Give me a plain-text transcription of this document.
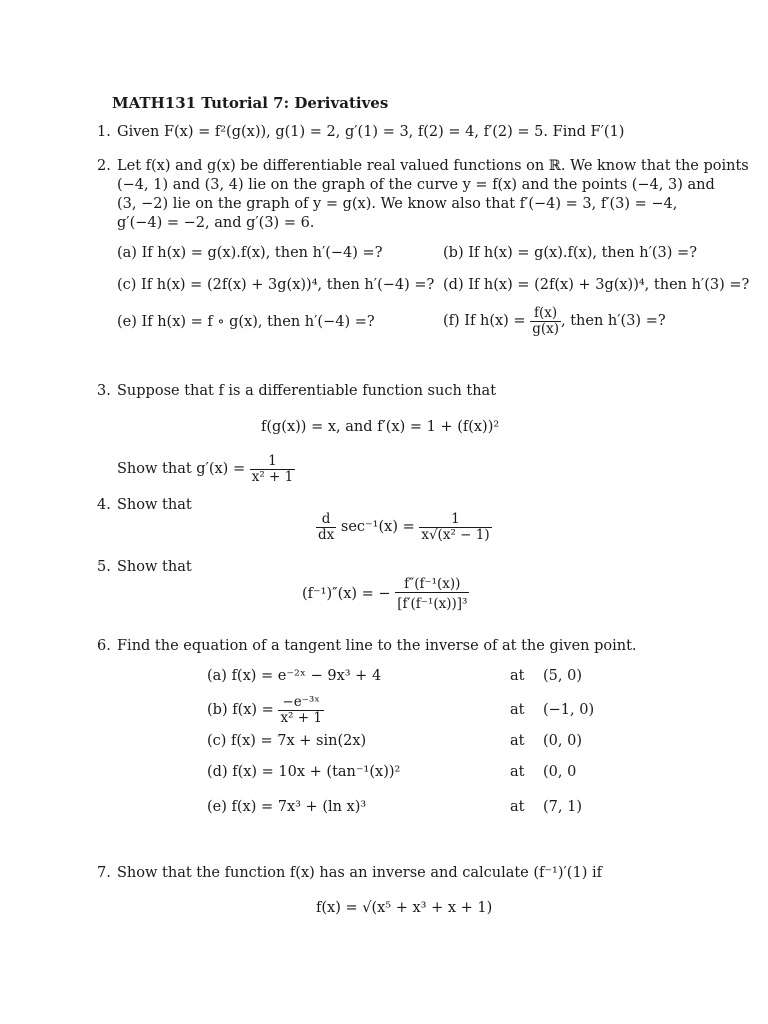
MATH131 Tutorial 7: Derivatives
1. Given F(x) = f²(g(x)), g(1) = 2, g′(1) = 3, f(2) = 4, f′(2) = 5. Find F′(1)
2. Let f(x) and g(x) be differentiable real valued functions on ℝ. We know that the points
(−4, 1) and (3, 4) lie on the graph of the curve y = f(x) and the points (−4, 3) and
(3, −2) lie on the graph of y = g(x). We know also that f′(−4) = 3, f′(3) = −4,
g′(−4) = −2, and g′(3) = 6.
(a) If h(x) = g(x).f(x), then h′(−4) =?	(b) If h(x) = g(x).f(x), then h′(3) =?
(c) If h(x) = (2f(x) + 3g(x))⁴, then h′(−4) =? (d) If h(x) = (2f(x) + 3g(x))⁴, then h′(3) =?
(e) If h(x) = f ∘ g(x), then h′(−4) =?	(f) If $h(x) = \frac{f(x)}{g(x)}$ , then h′(3) =?
3. Suppose that f is a differentiable function such that
f(g(x)) = x, and f′(x) = 1 + (f(x))²
Show that $g'(x) = \frac{1}{\text{x² + 1}}$
4. Show that
$\frac{d}{dx} \sec^{-1}(x) = \frac{1}{\text{x√(x² − 1)}}$
5. Show that
(f⁻¹)″(x) = − $\frac{\text{f″(f⁻¹(x))}}{\text{[f′(f⁻¹(x))]³}}$
6. Find the equation of a tangent line to the inverse of at the given point.
(a) f(x) = e⁻²ˣ − 9x³ + 4	at (5, 0)
(b) $f(x) = \frac{\text{−e⁻³ˣ}}{\text{x² + 1}}$	at (−1, 0)
(c) f(x) = 7x + sin(2x)	at (0, 0)
(d) f(x) = 10x + (tan⁻¹(x))²	at (0, 0
(e) f(x) = 7x³ + (ln x)³	at (7, 1)
7. Show that the function f(x) has an inverse and calculate (f⁻¹)′(1) if
f(x) = √(x⁵ + x³ + x + 1)
